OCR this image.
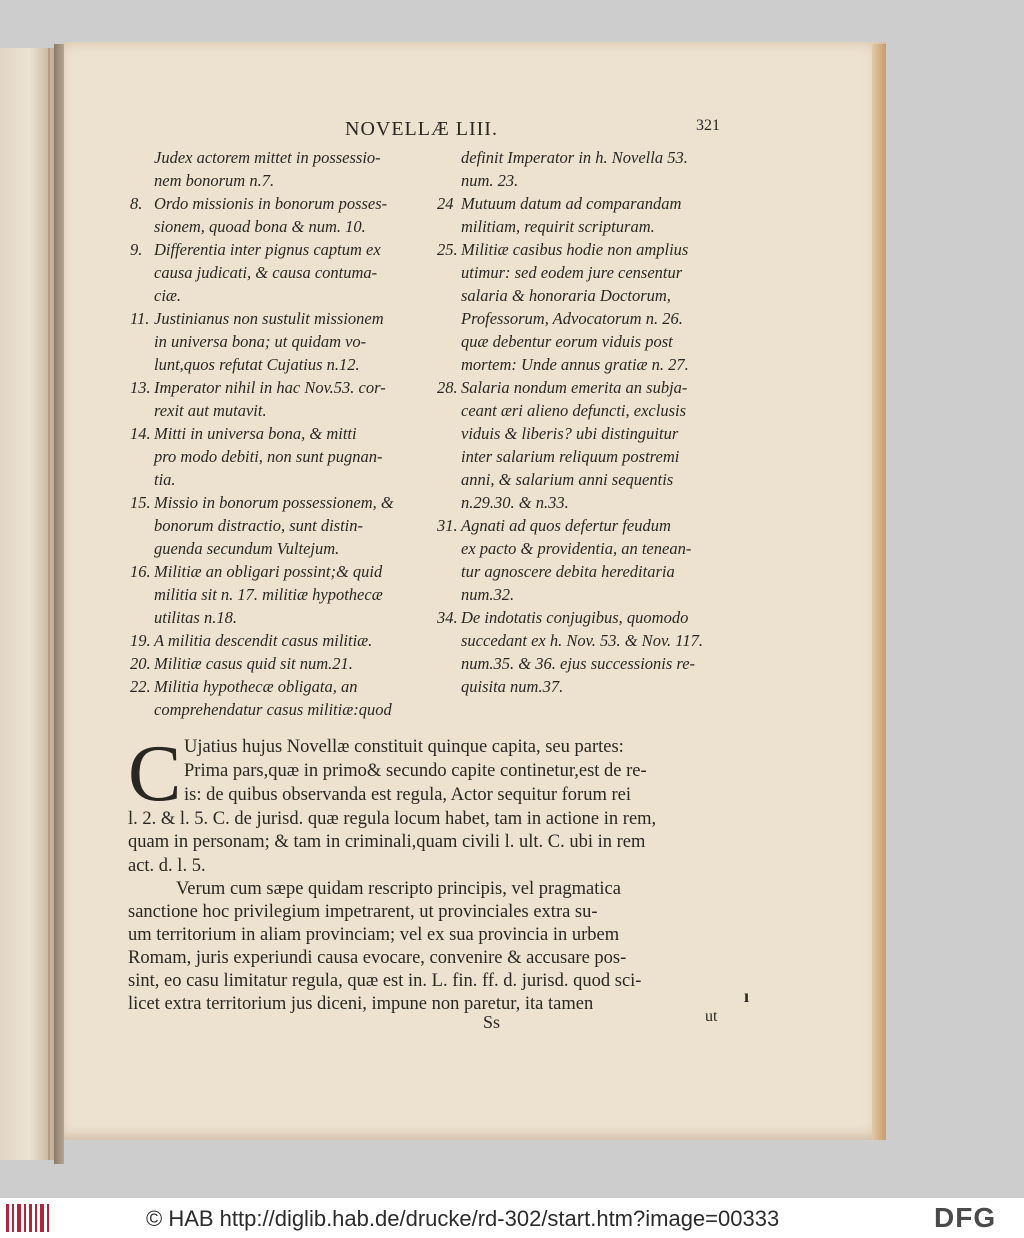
NOVELLÆ LIII.	321
Judex actorem mittet in possessio-
nem bonorum n.7.
8. Ordo missionis in bonorum posses-
sionem, quoad bona & num. 10.
9. Differentia inter pignus captum ex
causa judicati, & causa contuma-
ciæ.
11. Justinianus non sustulit missionem
in universa bona; ut quidam vo-
lunt,quos refutat Cujatius n.12.
13. Imperator nihil in hac Nov.53. cor-
rexit aut mutavit.
14. Mitti in universa bona, & mitti
pro modo debiti, non sunt pugnan-
tia.
15. Missio in bonorum possessionem, &
bonorum distractio, sunt distin-
guenda secundum Vultejum.
16. Militiæ an obligari possint;& quid
militia sit n. 17. militiæ hypothecæ
utilitas n.18.
19. A militia descendit casus militiæ.
20. Militiæ casus quid sit num.21.
22. Militia hypothecæ obligata, an
comprehendatur casus militiæ:quod
definit Imperator in h. Novella 53.
num. 23.
24 Mutuum datum ad comparandam
militiam, requirit scripturam.
25. Militiæ casibus hodie non amplius
utimur: sed eodem jure censentur
salaria & honoraria Doctorum,
Professorum, Advocatorum n. 26.
quæ debentur eorum viduis post
mortem: Unde annus gratiæ n. 27.
28. Salaria nondum emerita an subja-
ceant æri alieno defuncti, exclusis
viduis & liberis? ubi distinguitur
inter salarium reliquum postremi
anni, & salarium anni sequentis
n.29.30. & n.33.
31. Agnati ad quos defertur feudum
ex pacto & providentia, an tenean-
tur agnoscere debita hereditaria
num.32.
34. De indotatis conjugibus, quomodo
succedant ex h. Nov. 53. & Nov. 117.
num.35. & 36. ejus successionis re-
quisita num.37.
C Ujatius hujus Novellæ constituit quinque capita, seu partes:
Prima pars,quæ in primo& secundo capite continetur,est de re-
is: de quibus observanda est regula, Actor sequitur forum rei
l. 2. & l. 5. C. de jurisd. quæ regula locum habet, tam in actione in rem,
quam in personam; & tam in criminali,quam civili l. ult. C. ubi in rem
act. d. l. 5.
Verum cum sæpe quidam rescripto principis, vel pragmatica
sanctione hoc privilegium impetrarent, ut provinciales extra su-
um territorium in aliam provinciam; vel ex sua provincia in urbem
Romam, juris experiundi causa evocare, convenire & accusare pos-
sint, eo casu limitatur regula, quæ est in. L. fin. ff. d. jurisd. quod sci-
licet extra territorium jus diceni, impune non paretur, ita tamen	ı
Ss	ut
© HAB http://diglib.hab.de/drucke/rd-302/start.htm?image=00333	DFG
